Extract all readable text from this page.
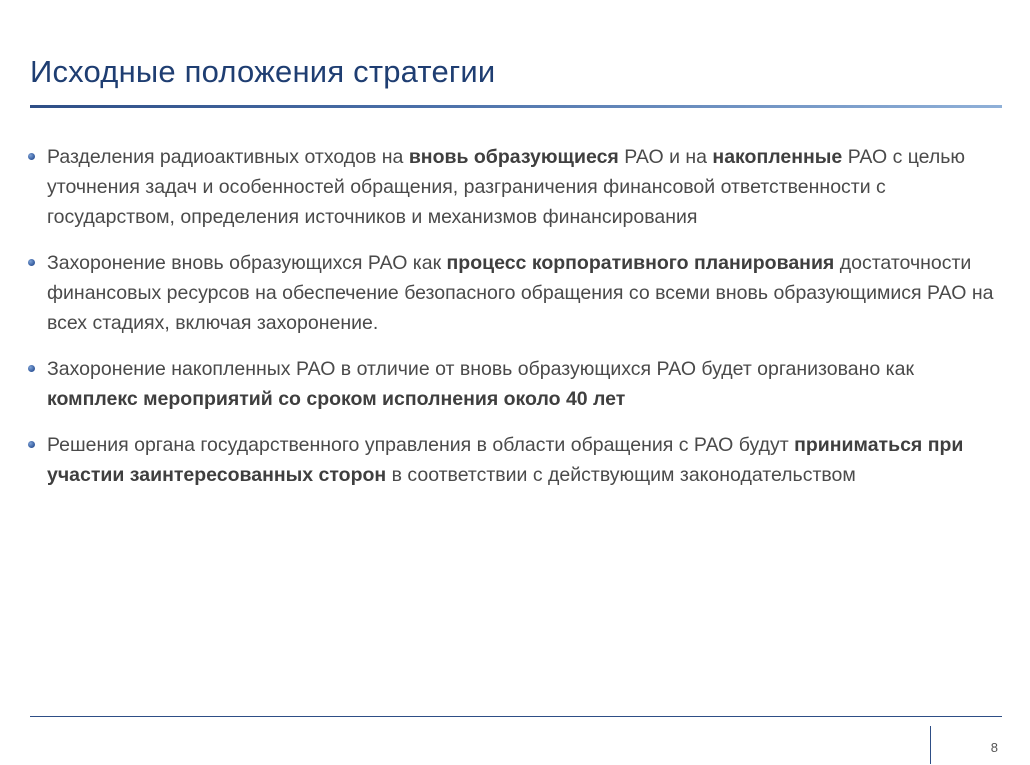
Исходные положения стратегии
Разделения радиоактивных отходов на вновь образующиеся РАО и на накопленные РАО с целью уточнения задач и особенностей обращения, разграничения финансовой ответственности с государством, определения источников и механизмов финансирования
Захоронение вновь образующихся РАО как процесс корпоративного планирования достаточности финансовых ресурсов на обеспечение безопасного обращения со всеми вновь образующимися РАО на всех стадиях, включая захоронение.
Захоронение накопленных РАО в отличие от вновь образующихся РАО будет организовано как комплекс мероприятий со сроком исполнения около 40 лет
Решения органа государственного управления в области обращения с РАО будут приниматься при участии заинтересованных сторон в соответствии с действующим законодательством
8
